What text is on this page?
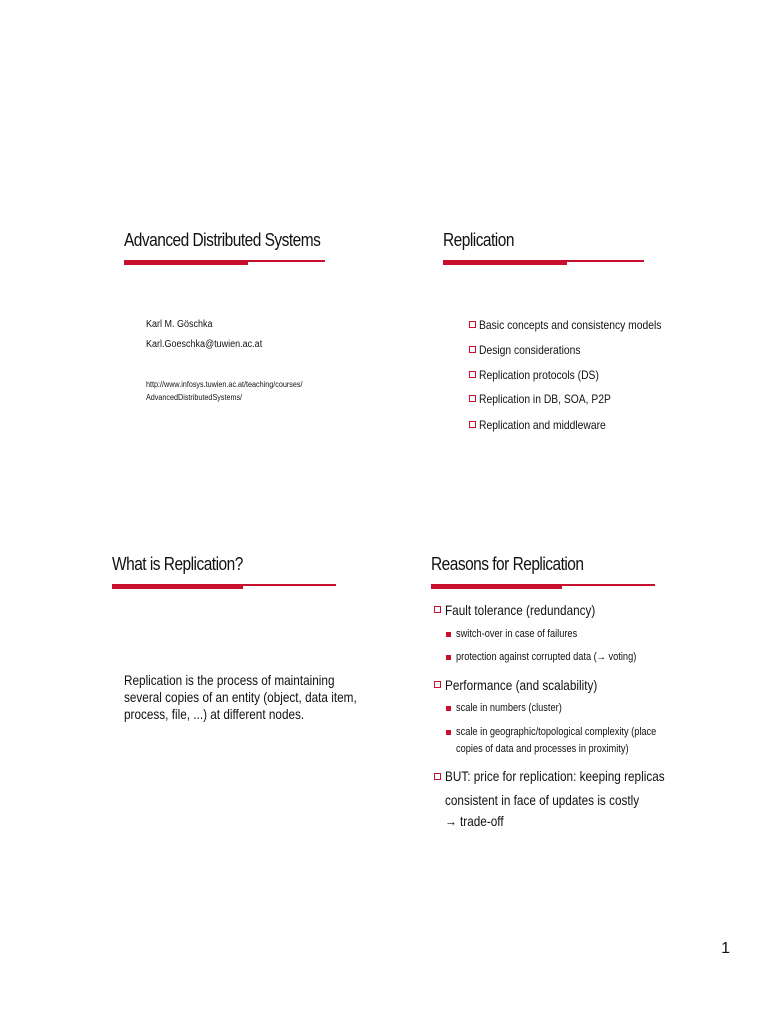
Advanced Distributed Systems
Karl M. Göschka
Karl.Goeschka@tuwien.ac.at
http://www.infosys.tuwien.ac.at/teaching/courses/
AdvancedDistributedSystems/
Replication
Basic concepts and consistency models
Design considerations
Replication protocols (DS)
Replication in DB, SOA, P2P
Replication and middleware
What is Replication?
Replication is the process of maintaining
several copies of an entity (object, data item,
process, file, ...) at different nodes.
Reasons for Replication
Fault tolerance (redundancy)
switch-over in case of failures
protection against corrupted data (→ voting)
Performance (and scalability)
scale in numbers (cluster)
scale in geographic/topological complexity (place
copies of data and processes in proximity)
BUT: price for replication: keeping replicas
consistent in face of updates is costly
→ trade-off
1
